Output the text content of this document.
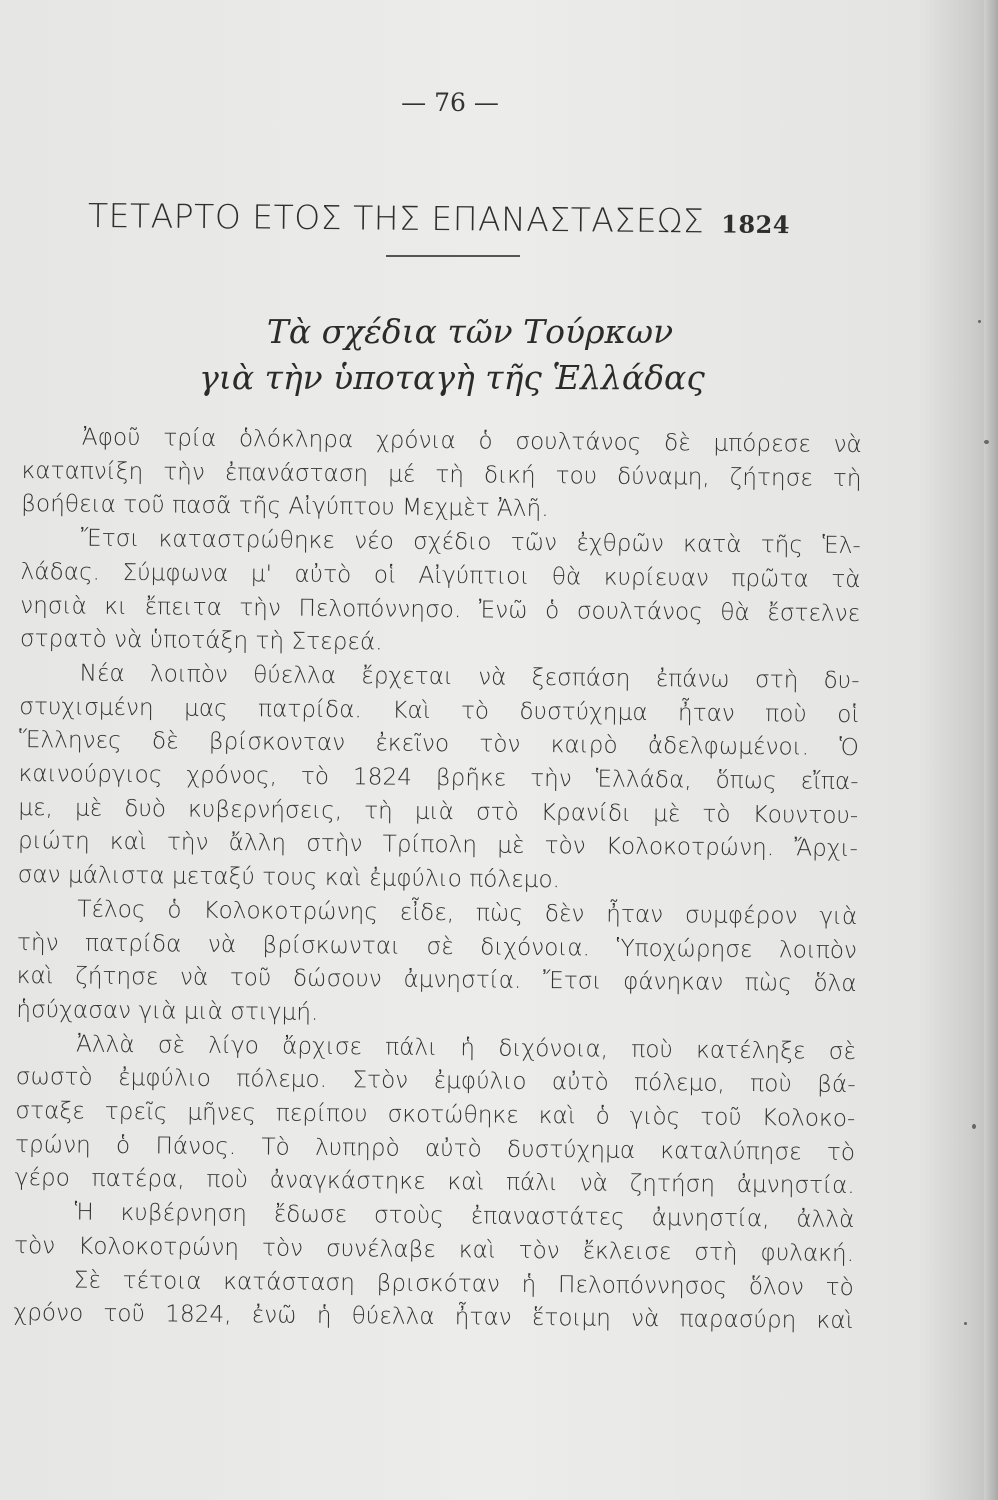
— 76 —
ΤΕΤΑΡΤΟ ΕΤΟΣ ΤΗΣ ΕΠΑΝΑΣΤΑΣΕΩΣ 1824
Τὰ σχέδια τῶν Τούρκων
γιὰ τὴν ὑποταγὴ τῆς Ἑλλάδας
Ἀφοῦ τρία ὁλόκληρα χρόνια ὁ σουλτάνος δὲ μπόρεσε νὰ
καταπνίξη τὴν ἐπανάσταση μέ τὴ δική του δύναμη, ζήτησε τὴ
βοήθεια τοῦ πασᾶ τῆς Αἰγύπτου Μεχμὲτ Ἀλῆ.
Ἔτσι καταστρώθηκε νέο σχέδιο τῶν ἐχθρῶν κατὰ τῆς Ἑλ-
λάδας. Σύμφωνα μ' αὐτὸ οἱ Αἰγύπτιοι θὰ κυρίευαν πρῶτα τὰ
νησιὰ κι ἔπειτα τὴν Πελοπόννησο. Ἐνῶ ὁ σουλτάνος θὰ ἔστελνε
στρατὸ νὰ ὑποτάξη τὴ Στερεά.
Νέα λοιπὸν θύελλα ἔρχεται νὰ ξεσπάση ἐπάνω στὴ δυ-
στυχισμένη μας πατρίδα. Καὶ τὸ δυστύχημα ἦταν ποὺ οἱ
Ἕλληνες δὲ βρίσκονταν ἐκεῖνο τὸν καιρὸ ἀδελφωμένοι. Ὁ
καινούργιος χρόνος, τὸ 1824 βρῆκε τὴν Ἑλλάδα, ὅπως εἴπα-
με, μὲ δυὸ κυβερνήσεις, τὴ μιὰ στὸ Κρανίδι μὲ τὸ Κουντου-
ριώτη καὶ τὴν ἄλλη στὴν Τρίπολη μὲ τὸν Κολοκοτρώνη. Ἄρχι-
σαν μάλιστα μεταξύ τους καὶ ἐμφύλιο πόλεμο.
Τέλος ὁ Κολοκοτρώνης εἶδε, πὼς δὲν ἦταν συμφέρον γιὰ
τὴν πατρίδα νὰ βρίσκωνται σὲ διχόνοια. Ὑποχώρησε λοιπὸν
καὶ ζήτησε νὰ τοῦ δώσουν ἀμνηστία. Ἔτσι φάνηκαν πὼς ὅλα
ἡσύχασαν γιὰ μιὰ στιγμή.
Ἀλλὰ σὲ λίγο ἄρχισε πάλι ἡ διχόνοια, ποὺ κατέληξε σὲ
σωστὸ ἐμφύλιο πόλεμο. Στὸν ἐμφύλιο αὐτὸ πόλεμο, ποὺ βά-
σταξε τρεῖς μῆνες περίπου σκοτώθηκε καὶ ὁ γιὸς τοῦ Κολοκο-
τρώνη ὁ Πάνος. Τὸ λυπηρὸ αὐτὸ δυστύχημα καταλύπησε τὸ
γέρο πατέρα, ποὺ ἀναγκάστηκε καὶ πάλι νὰ ζητήση ἀμνηστία.
Ἡ κυβέρνηση ἔδωσε στοὺς ἐπαναστάτες ἀμνηστία, ἀλλὰ
τὸν Κολοκοτρώνη τὸν συνέλαβε καὶ τὸν ἔκλεισε στὴ φυλακή.
Σὲ τέτοια κατάσταση βρισκόταν ἡ Πελοπόννησος ὅλον τὸ
χρόνο τοῦ 1824, ἐνῶ ἡ θύελλα ἦταν ἕτοιμη νὰ παρασύρη καὶ
